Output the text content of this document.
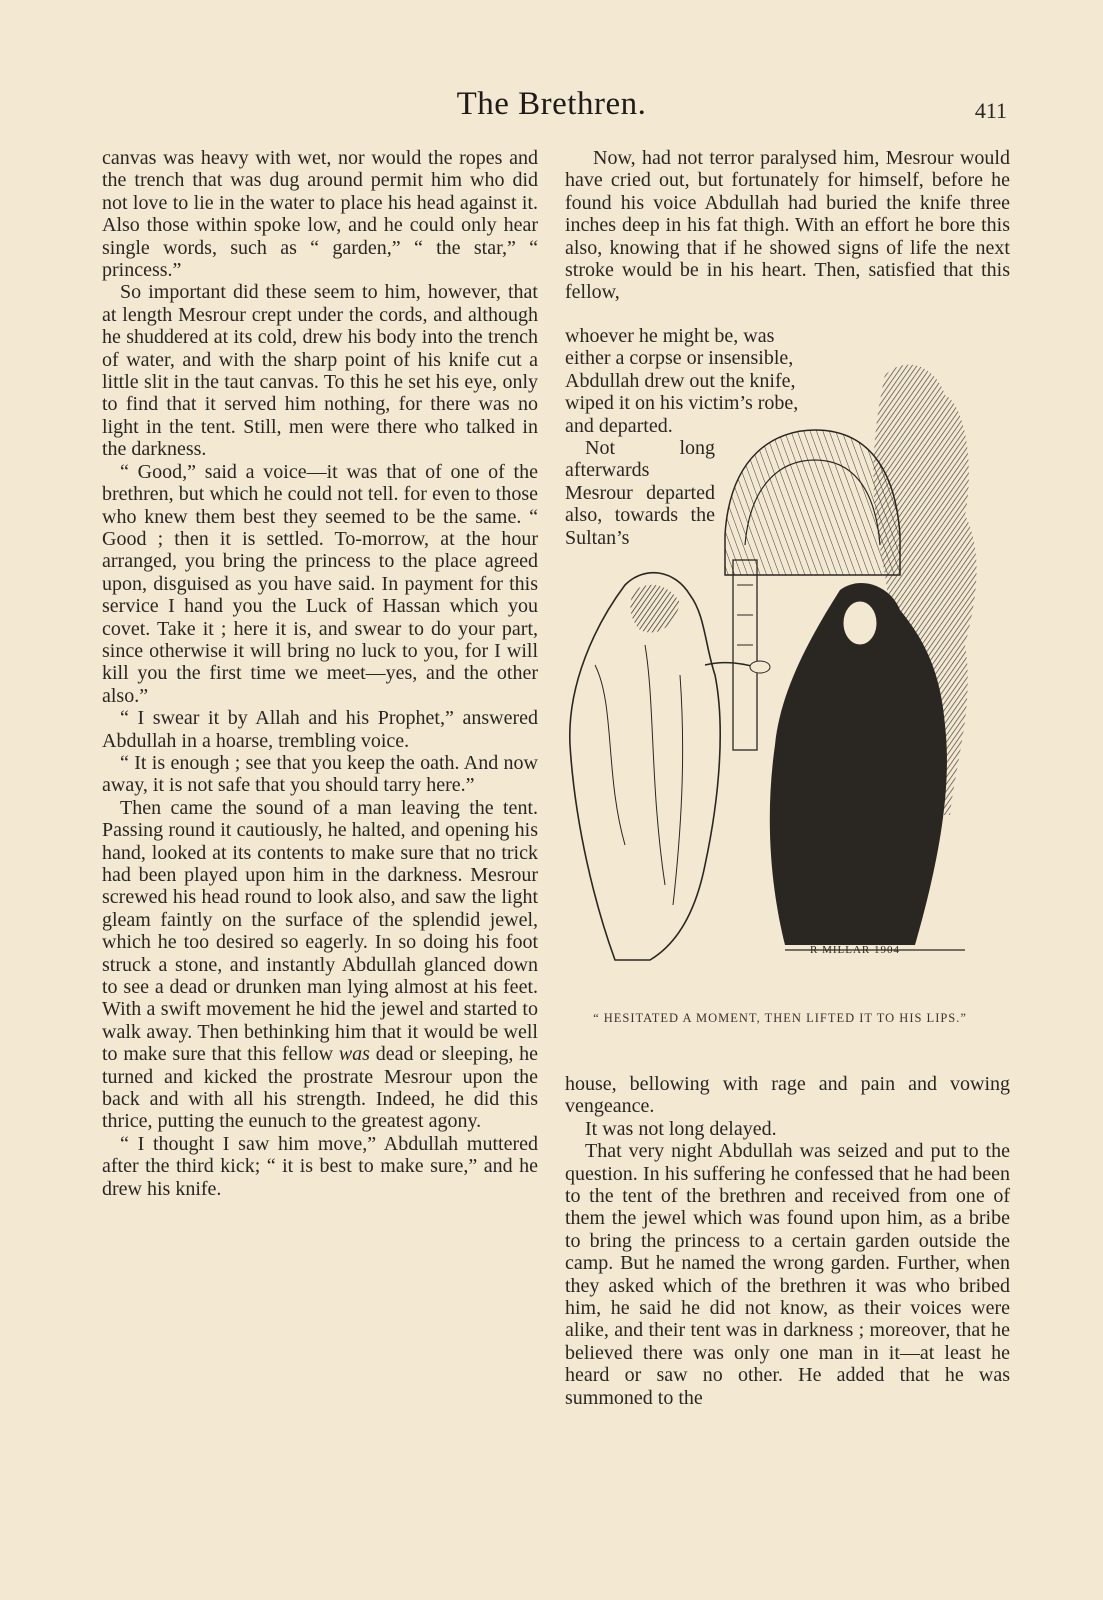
The Brethren.	411

canvas was heavy with wet, nor would the ropes and the trench that was dug around permit him who did not love to lie in the water to place his head against it. Also those within spoke low, and he could only hear single words, such as “ garden,” “ the star,” “ princess.”

So important did these seem to him, however, that at length Mesrour crept under the cords, and although he shuddered at its cold, drew his body into the trench of water, and with the sharp point of his knife cut a little slit in the taut canvas. To this he set his eye, only to find that it served him nothing, for there was no light in the tent. Still, men were there who talked in the darkness.

“ Good,” said a voice—it was that of one of the brethren, but which he could not tell. for even to those who knew them best they seemed to be the same. “ Good ; then it is settled. To-morrow, at the hour arranged, you bring the princess to the place agreed upon, disguised as you have said. In payment for this service I hand you the Luck of Hassan which you covet. Take it ; here it is, and swear to do your part, since otherwise it will bring no luck to you, for I will kill you the first time we meet—yes, and the other also.”

“ I swear it by Allah and his Prophet,” answered Abdullah in a hoarse, trembling voice.

“ It is enough ; see that you keep the oath. And now away, it is not safe that you should tarry here.”

Then came the sound of a man leaving the tent. Passing round it cautiously, he halted, and opening his hand, looked at its contents to make sure that no trick had been played upon him in the darkness. Mesrour screwed his head round to look also, and saw the light gleam faintly on the surface of the splendid jewel, which he too desired so eagerly. In so doing his foot struck a stone, and instantly Abdullah glanced down to see a dead or drunken man lying almost at his feet. With a swift movement he hid the jewel and started to walk away. Then bethinking him that it would be well to make sure that this fellow was dead or sleeping, he turned and kicked the prostrate Mesrour upon the back and with all his strength. Indeed, he did this thrice, putting the eunuch to the greatest agony.

“ I thought I saw him move,” Abdullah muttered after the third kick; “ it is best to make sure,” and he drew his knife.

Now, had not terror paralysed him, Mesrour would have cried out, but fortunately for himself, before he found his voice Abdullah had buried the knife three inches deep in his fat thigh. With an effort he bore this also, knowing that if he showed signs of life the next stroke would be in his heart. Then, satisfied that this fellow,

whoever he might be, was

either a corpse or insensible,

Abdullah drew out the knife,

wiped it on his victim’s robe,

and departed.

Not long afterwards Mesrour departed also, towards the Sultan’s

R MILLAR 1904
“ HESITATED A MOMENT, THEN LIFTED IT TO HIS LIPS.”

house, bellowing with rage and pain and vowing vengeance.

It was not long delayed.

That very night Abdullah was seized and put to the question. In his suffering he confessed that he had been to the tent of the brethren and received from one of them the jewel which was found upon him, as a bribe to bring the princess to a certain garden outside the camp. But he named the wrong garden. Further, when they asked which of the brethren it was who bribed him, he said he did not know, as their voices were alike, and their tent was in darkness ; moreover, that he believed there was only one man in it—at least he heard or saw no other. He added that he was summoned to the
